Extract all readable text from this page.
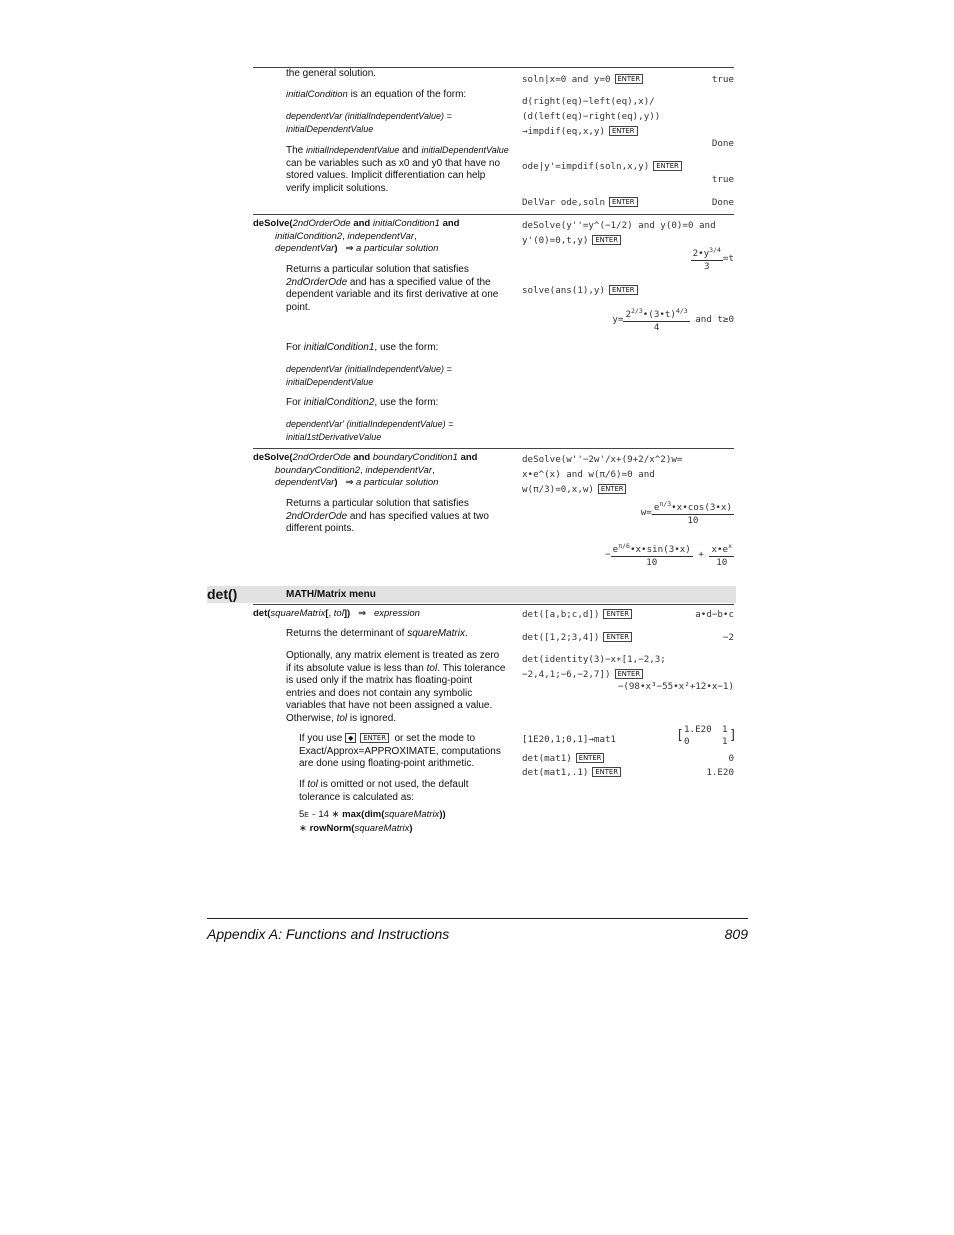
the general solution.
initialCondition is an equation of the form:
dependentVar (initialIndependentValue) =
initialDependentValue
The initialIndependentValue and initialDependentValue
can be variables such as x0 and y0 that have no
stored values. Implicit differentiation can help
verify implicit solutions.
soln|x=0 and y=0 ENTER	true
d(right(eq)−left(eq),x)/
(d(left(eq)−right(eq),y))
→impdif(eq,x,y) ENTER
Done
ode|y'=impdif(soln,x,y) ENTER
true
DelVar ode,soln ENTER	Done
deSolve(2ndOrderOde and initialCondition1 and
initialCondition2, independentVar,
dependentVar) ⇒ a particular solution
Returns a particular solution that satisfies
2ndOrderOde and has a specified value of the
dependent variable and its first derivative at one
point.
For initialCondition1, use the form:
dependentVar (initialIndependentValue) =
initialDependentValue
For initialCondition2, use the form:
dependentVar' (initialIndependentValue) =
initial1stDerivativeValue
deSolve(y''=y^(−1/2) and y(0)=0 and
y'(0)=0,t,y) ENTER
$\frac{2•y^{3/4}}{3} =t$
solve(ans(1),y) ENTER
$y= \frac{2^{2/3}•(3•t)^{4/3}}{4}$ and t≥0
deSolve(2ndOrderOde and boundaryCondition1 and
boundaryCondition2, independentVar,
dependentVar) ⇒ a particular solution
Returns a particular solution that satisfies
2ndOrderOde and has specified values at two
different points.
deSolve(w''−2w'/x+(9+2/x^2)w=
x•e^(x) and w(π/6)=0 and
w(π/3)=0,x,w) ENTER
$w= \frac{e^{\pi/3}•x•\cos(3•x)}{10}$
− $\frac{e^{\pi/6}•x•\sin(3•x)}{10} + \frac{x•e^x}{10}$
det()	MATH/Matrix menu
det(squareMatrix[, tol]) ⇒ expression
Returns the determinant of squareMatrix.
Optionally, any matrix element is treated as zero
if its absolute value is less than tol. This tolerance
is used only if the matrix has floating-point
entries and does not contain any symbolic
variables that have not been assigned a value.
Otherwise, tol is ignored.
If you use ◆ ENTER  or set the mode to
Exact/Approx=APPROXIMATE, computations
are done using floating-point arithmetic.
If tol is omitted or not used, the default
tolerance is calculated as:
5E − 14 ∗ max(dim(squareMatrix))
∗ rowNorm(squareMatrix)
det([a,b;c,d]) ENTER	a•d−b•c
det([1,2;3,4]) ENTER	−2
det(identity(3)−x∗[1,−2,3;
−2,4,1;−6,−2,7]) ENTER
−(98•x³−55•x²+12•x−1)
[1E20,1;0,1]→mat1	[ 1.E20 1
0	1 ]
det(mat1) ENTER	0
det(mat1,.1) ENTER	1.E20
Appendix A: Functions and Instructions	809
